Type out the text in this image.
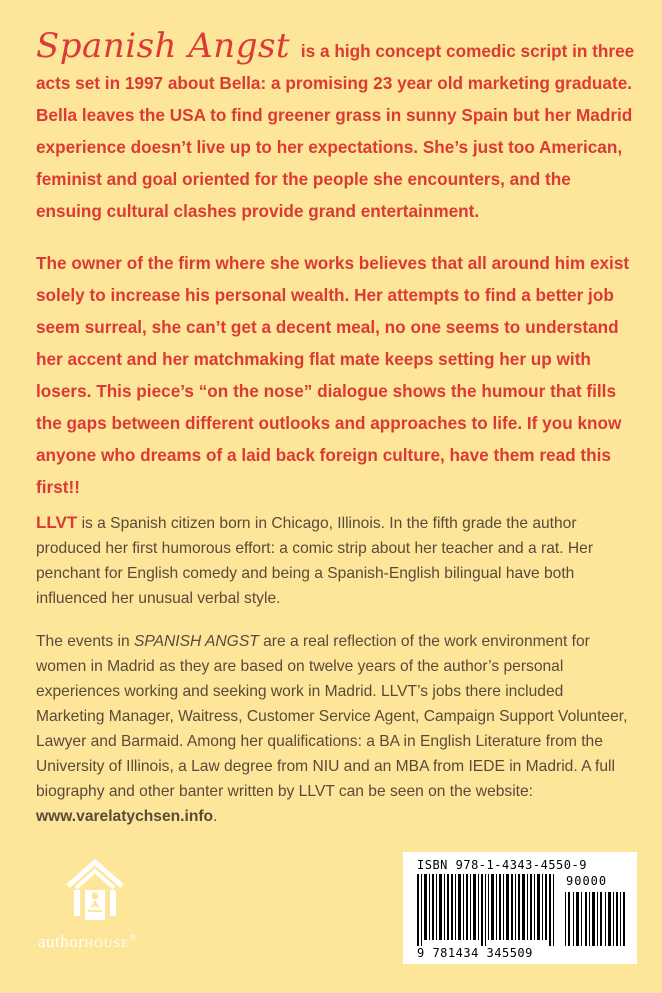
Spanish Angst is a high concept comedic script in three acts set in 1997 about Bella: a promising 23 year old marketing graduate. Bella leaves the USA to find greener grass in sunny Spain but her Madrid experience doesn’t live up to her expectations. She’s just too American, feminist and goal oriented for the people she encounters, and the ensuing cultural clashes provide grand entertainment.

The owner of the firm where she works believes that all around him exist solely to increase his personal wealth. Her attempts to find a better job seem surreal, she can’t get a decent meal, no one seems to understand her accent and her matchmaking flat mate keeps setting her up with losers. This piece’s “on the nose” dialogue shows the humour that fills the gaps between different outlooks and approaches to life. If you know anyone who dreams of a laid back foreign culture, have them read this first!!

LLVT is a Spanish citizen born in Chicago, Illinois. In the fifth grade the author produced her first humorous effort: a comic strip about her teacher and a rat. Her penchant for English comedy and being a Spanish-English bilingual have both influenced her unusual verbal style.

The events in SPANISH ANGST are a real reflection of the work environment for women in Madrid as they are based on twelve years of the author’s personal experiences working and seeking work in Madrid. LLVT’s jobs there included Marketing Manager, Waitress, Customer Service Agent, Campaign Support Volunteer, Lawyer and Barmaid. Among her qualifications: a BA in English Literature from the University of Illinois, a Law degree from NIU and an MBA from IEDE in Madrid. A full biography and other banter written by LLVT can be seen on the website: www.varelatychsen.info.

authorHOUSE®
ISBN 978-1-4343-4550-9
90000
9 781434 345509
